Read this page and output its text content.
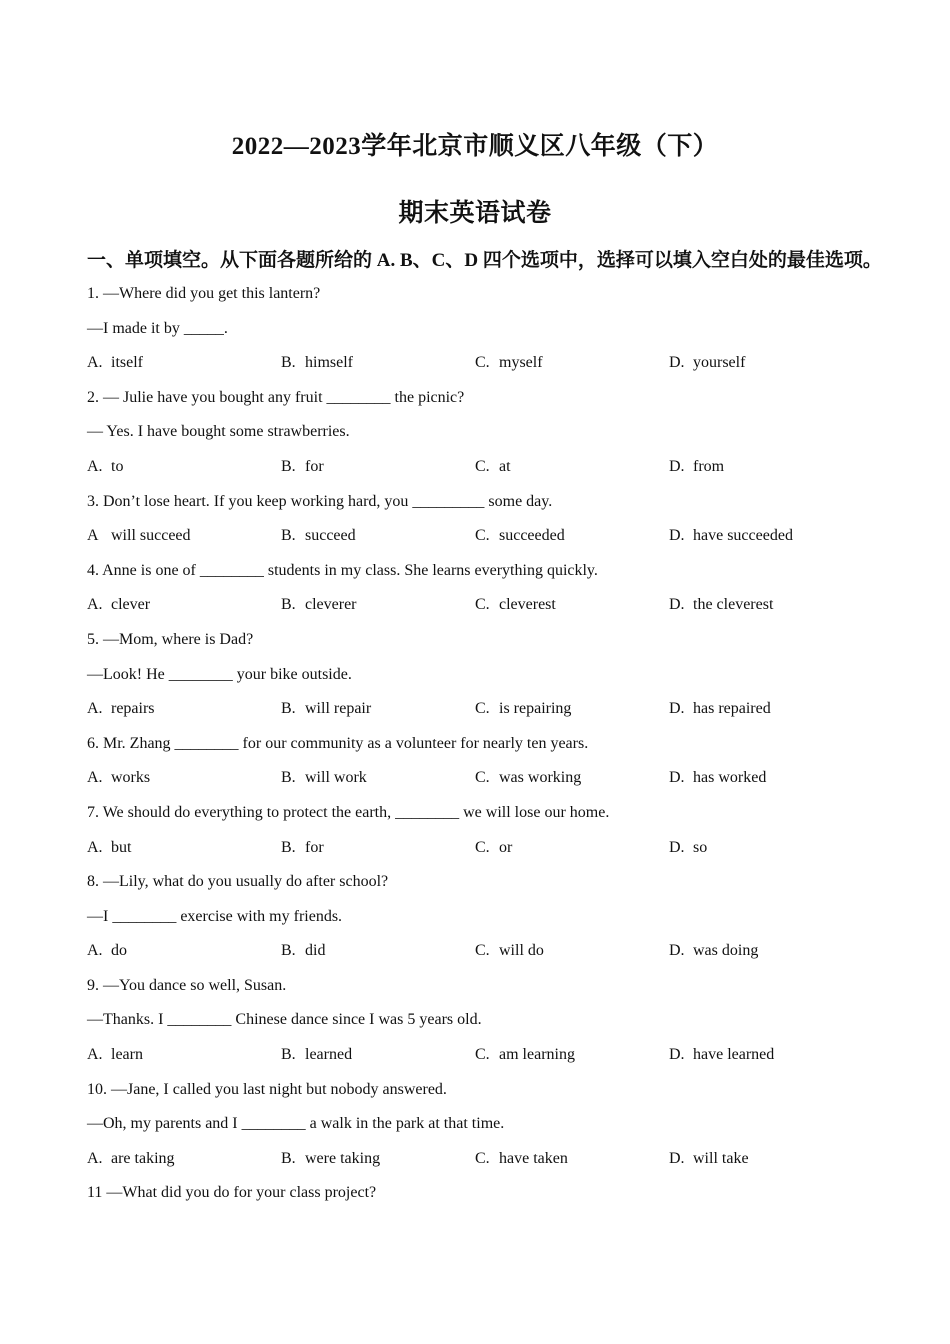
2022—2023学年北京市顺义区八年级（下）
期末英语试卷
一、单项填空。从下面各题所给的 A. B、C、D 四个选项中，选择可以填入空白处的最佳选项。
1. —Where did you get this lantern?
—I made it by _____.
A. itself	B. himself	C. myself	D. yourself
2. — Julie have you bought any fruit ________ the picnic?
— Yes. I have bought some strawberries.
A. to	B. for	C. at	D. from
3. Don’t lose heart. If you keep working hard, you _________ some day.
A will succeed	B. succeed	C. succeeded	D. have succeeded
4. Anne is one of ________ students in my class. She learns everything quickly.
A. clever	B. cleverer	C. cleverest	D. the cleverest
5. —Mom, where is Dad?
—Look! He ________ your bike outside.
A. repairs	B. will repair	C. is repairing	D. has repaired
6. Mr. Zhang ________ for our community as a volunteer for nearly ten years.
A. works	B. will work	C. was working	D. has worked
7. We should do everything to protect the earth, ________ we will lose our home.
A. but	B. for	C. or	D. so
8. —Lily, what do you usually do after school?
—I ________ exercise with my friends.
A. do	B. did	C. will do	D. was doing
9. —You dance so well, Susan.
—Thanks. I ________ Chinese dance since I was 5 years old.
A. learn	B. learned	C. am learning	D. have learned
10. —Jane, I called you last night but nobody answered.
—Oh, my parents and I ________ a walk in the park at that time.
A. are taking	B. were taking	C. have taken	D. will take
11 —What did you do for your class project?
